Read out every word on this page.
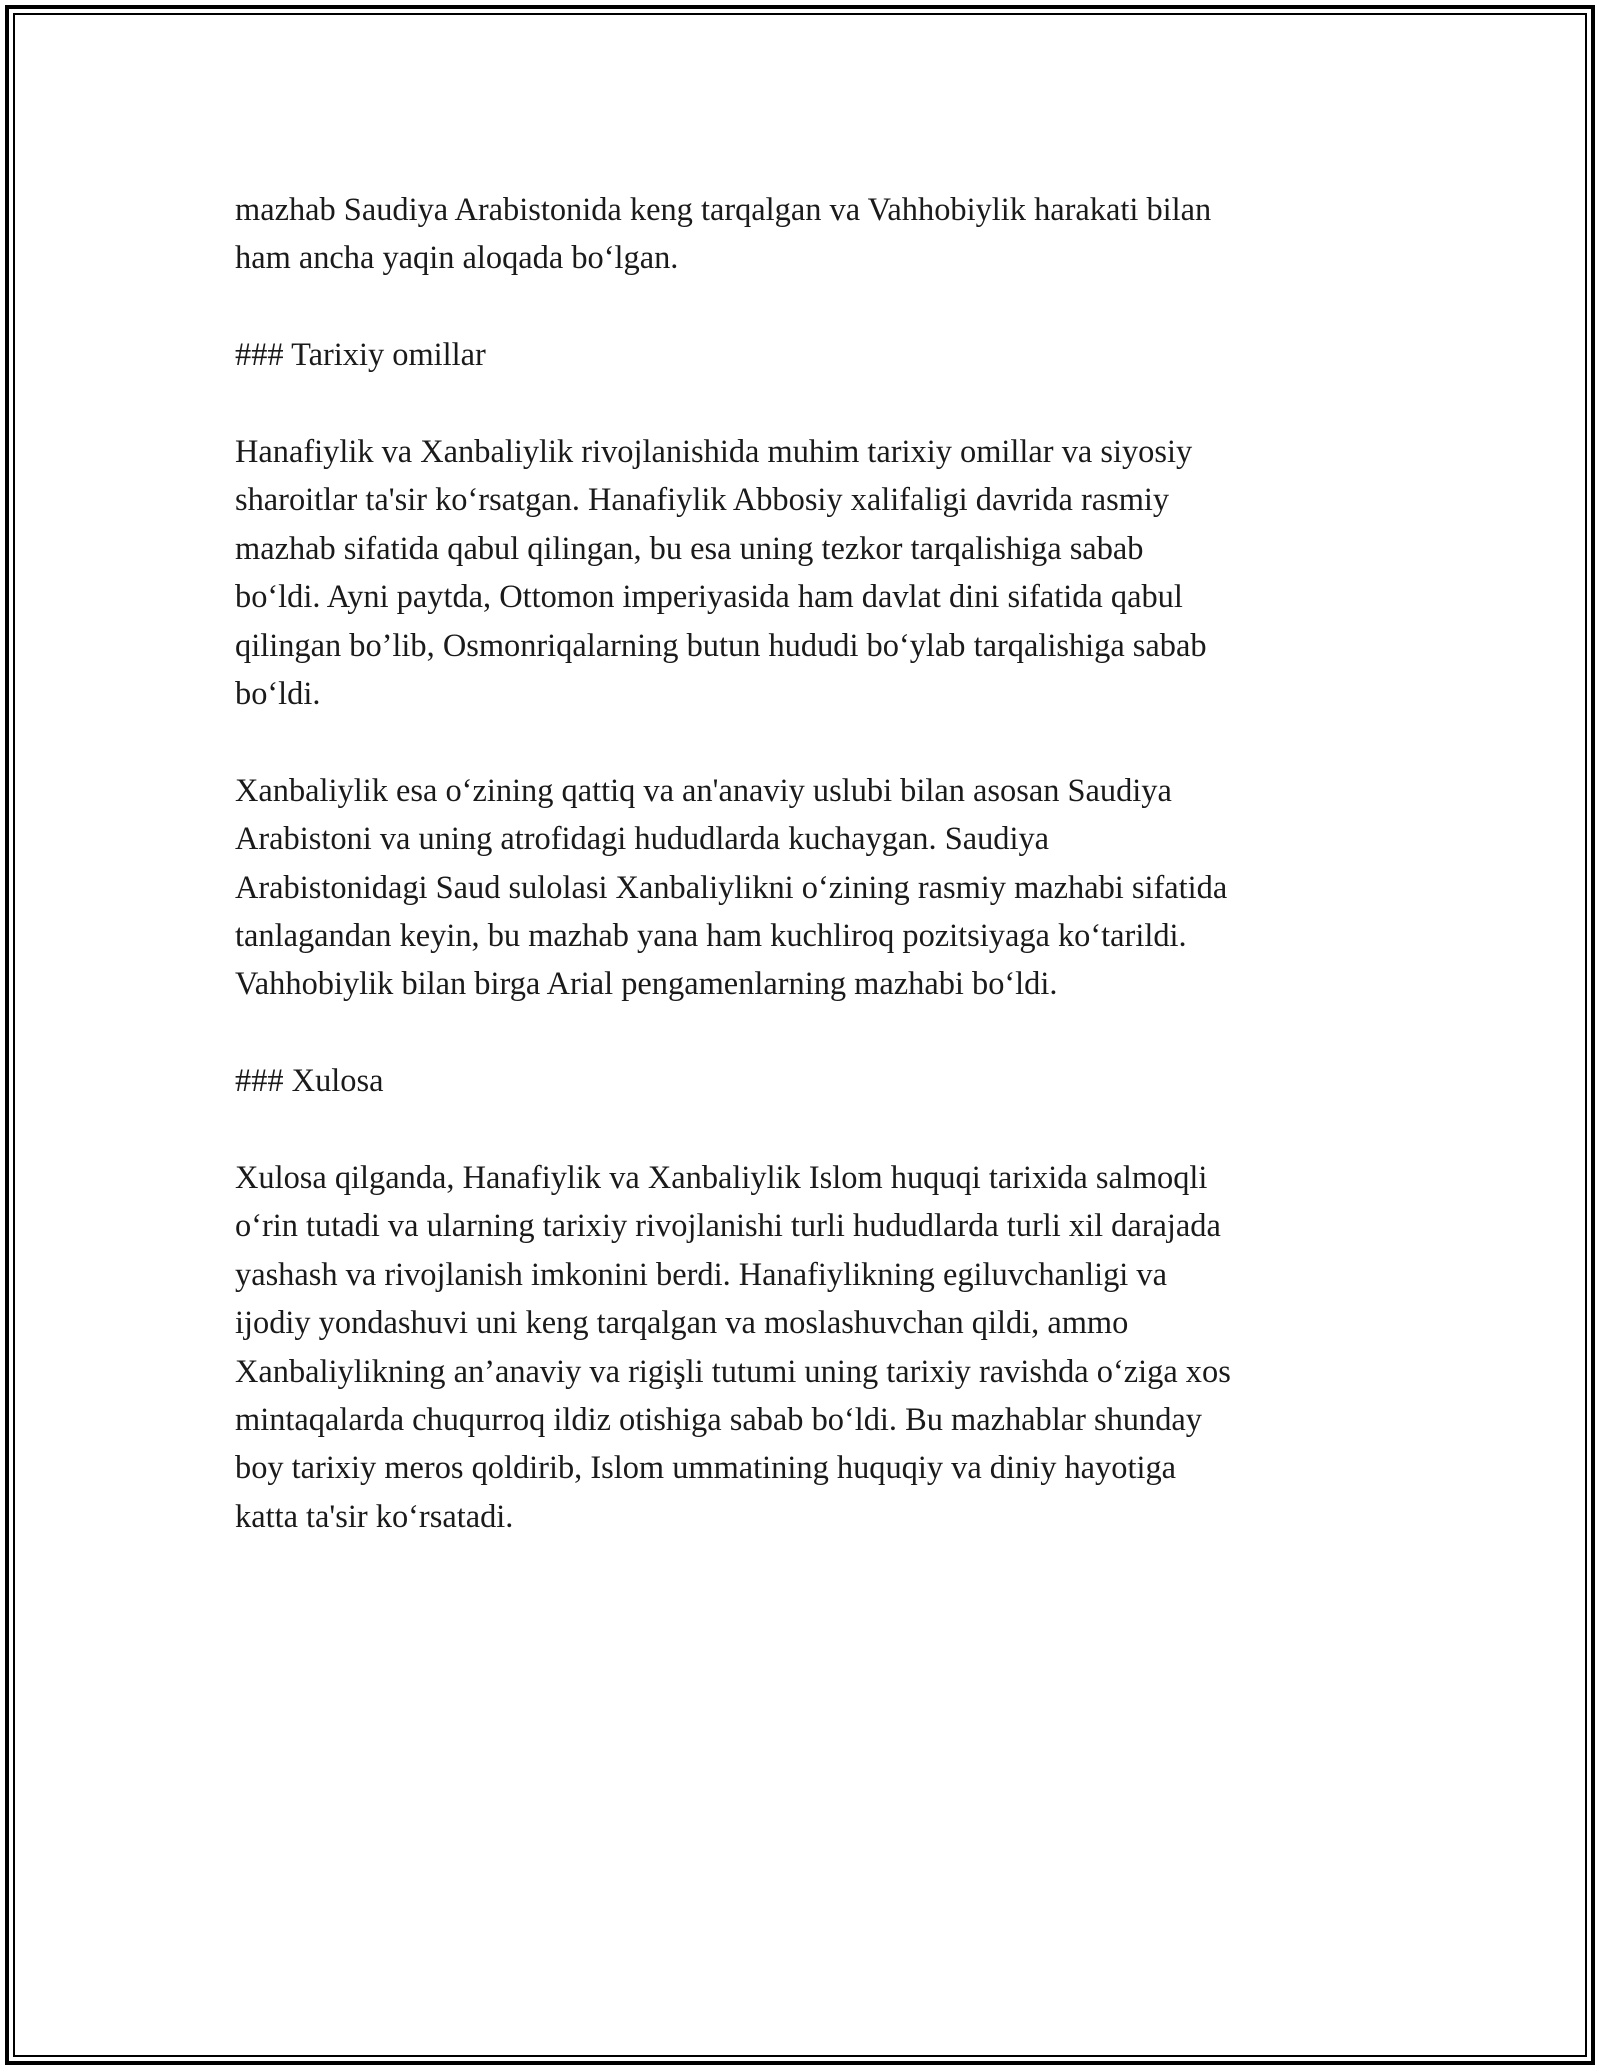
mazhab Saudiya Arabistonida keng tarqalgan va Vahhobiylik harakati bilan
ham ancha yaqin aloqada bo‘lgan.

### Tarixiy omillar

Hanafiylik va Xanbaliylik rivojlanishida muhim tarixiy omillar va siyosiy
sharoitlar ta'sir ko‘rsatgan. Hanafiylik Abbosiy xalifaligi davrida rasmiy
mazhab sifatida qabul qilingan, bu esa uning tezkor tarqalishiga sabab
bo‘ldi. Ayni paytda, Ottomon imperiyasida ham davlat dini sifatida qabul
qilingan bo’lib, Osmonriqalarning butun hududi bo‘ylab tarqalishiga sabab
bo‘ldi.

Xanbaliylik esa o‘zining qattiq va an'anaviy uslubi bilan asosan Saudiya
Arabistoni va uning atrofidagi hududlarda kuchaygan. Saudiya
Arabistonidagi Saud sulolasi Xanbaliylikni o‘zining rasmiy mazhabi sifatida
tanlagandan keyin, bu mazhab yana ham kuchliroq pozitsiyaga ko‘tarildi.
Vahhobiylik bilan birga Arial pengamenlarning mazhabi bo‘ldi.

### Xulosa

Xulosa qilganda, Hanafiylik va Xanbaliylik Islom huquqi tarixida salmoqli
o‘rin tutadi va ularning tarixiy rivojlanishi turli hududlarda turli xil darajada
yashash va rivojlanish imkonini berdi. Hanafiylikning egiluvchanligi va
ijodiy yondashuvi uni keng tarqalgan va moslashuvchan qildi, ammo
Xanbaliylikning an’anaviy va rigişli tutumi uning tarixiy ravishda o‘ziga xos
mintaqalarda chuqurroq ildiz otishiga sabab bo‘ldi. Bu mazhablar shunday
boy tarixiy meros qoldirib, Islom ummatining huquqiy va diniy hayotiga
katta ta'sir ko‘rsatadi.
